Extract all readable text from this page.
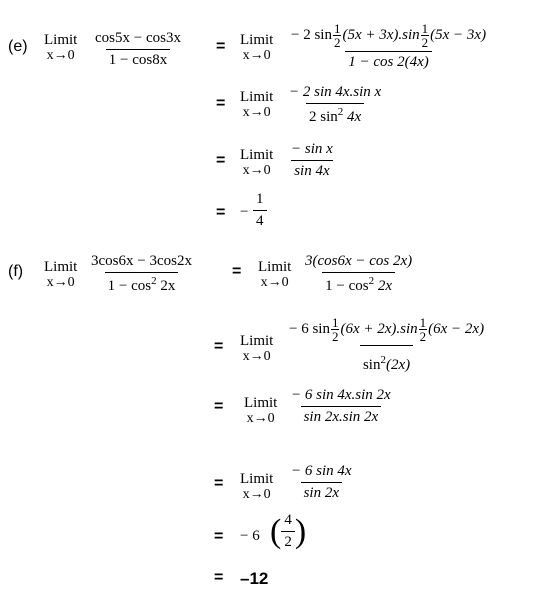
(e) Limit
$x\to 0 \frac{\cos 5x - \cos 3x}{1 - \cos 8x}$ = Limit
$x\to 0 \frac{- 2 \sin \frac{1}{2} (5x + 3x).\sin \frac{1}{2} (5x - 3x)}{1 - \cos 2(4x)}$
= Limit
$x\to 0 \frac{\text{− 2 sin 4x.sin x}}{2 \sin^2 4x}$
= Limit
$x\to 0 \frac{\text{− sin x}}{\sin 4x}$
= − $\frac{1}{4}$
(f) Limit
$x\to 0 \frac{3\cos 6x - 3\cos 2x}{1 - \cos^2 2x}$ = Limit
$x\to 0 \frac{3(\cos 6x - \cos 2x)}{1 - \cos^2 2x}$
= Limit
$x\to 0 \frac{- 6 \sin \frac{1}{2} (6x + 2x).\sin \frac{1}{2} (6x - 2x)}{\sin^2(2x)}$
= Limit
$x\to 0 \frac{- 6 \sin 4x.\sin 2x}{\sin 2x.\sin 2x}$
= Limit
$x\to 0 \frac{- 6 \sin 4x}{\sin 2x}$
= − 6 ( $\frac{4}{2}$ )
= –12
